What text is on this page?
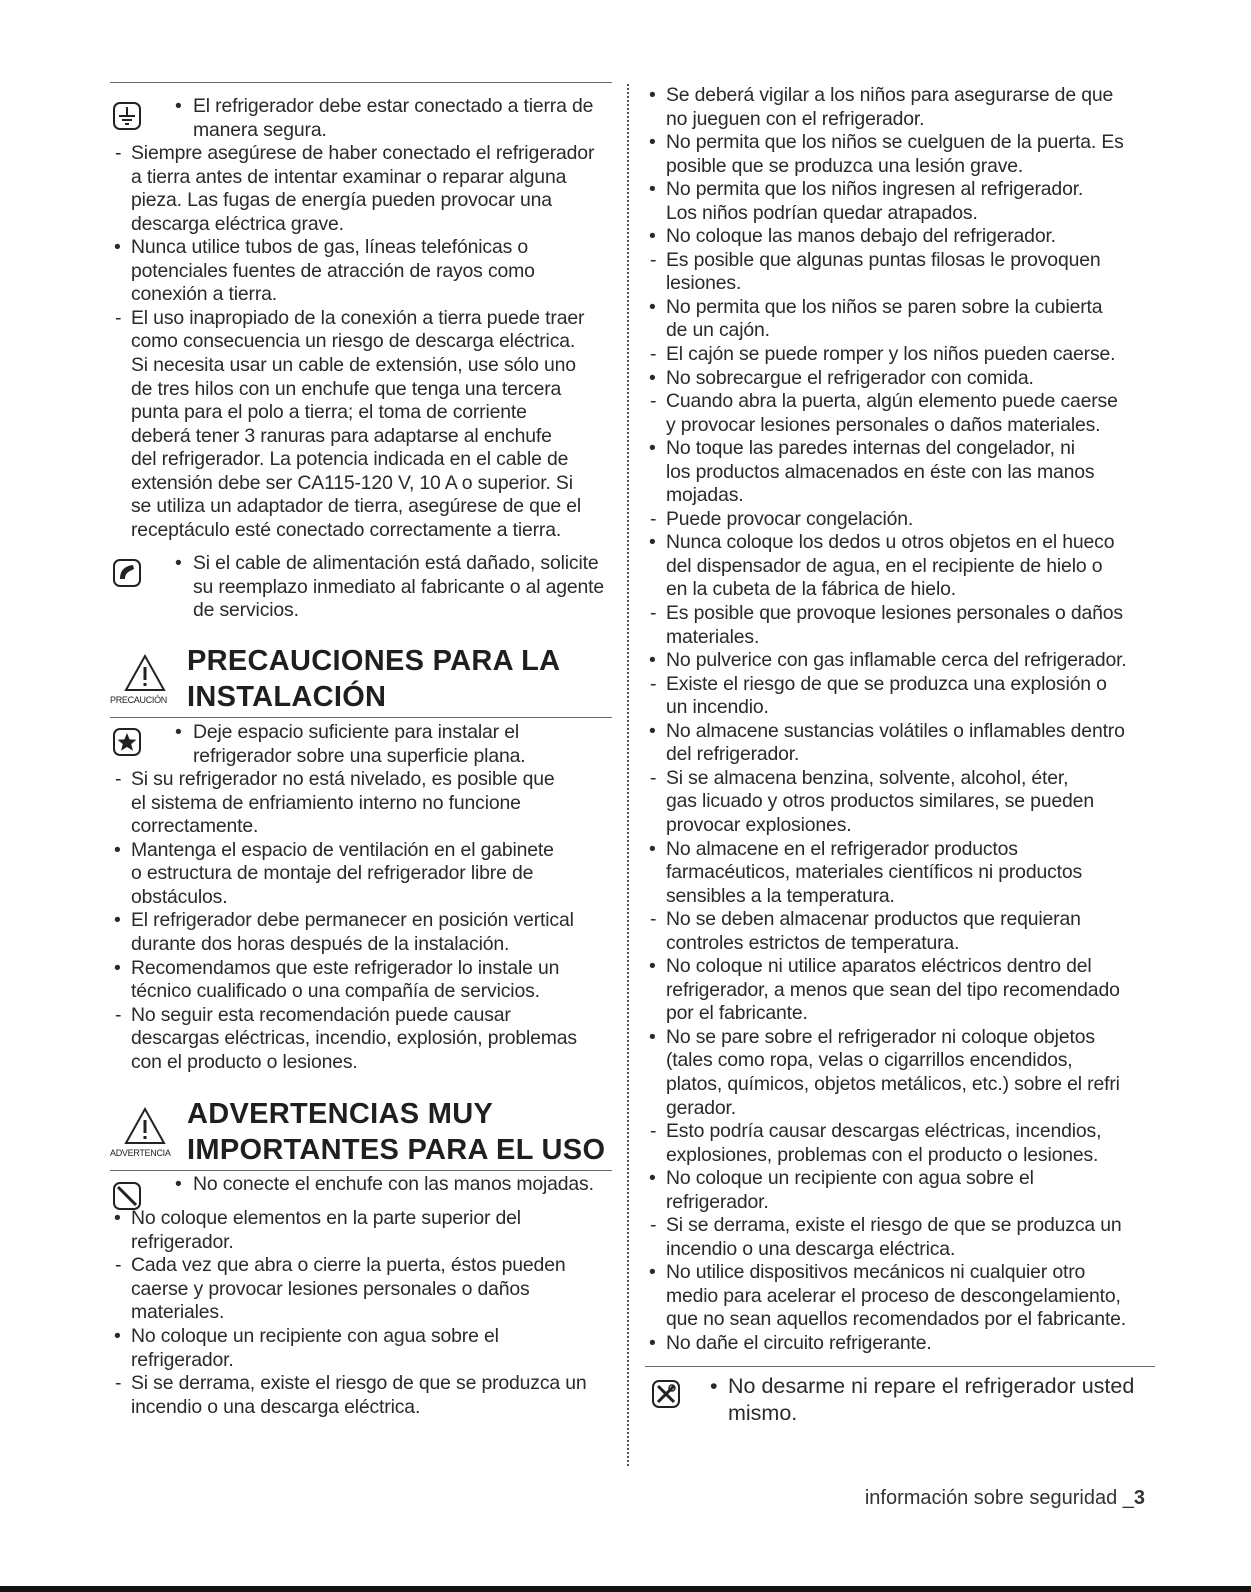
• El refrigerador debe estar conectado a tierra de
manera segura.
- Siempre asegúrese de haber conectado el refrigerador
a tierra antes de intentar examinar o reparar alguna
pieza. Las fugas de energía pueden provocar una
descarga eléctrica grave.
• Nunca utilice tubos de gas, líneas telefónicas o
potenciales fuentes de atracción de rayos como
conexión a tierra.
- El uso inapropiado de la conexión a tierra puede traer
como consecuencia un riesgo de descarga eléctrica.
Si necesita usar un cable de extensión, use sólo uno
de tres hilos con un enchufe que tenga una tercera
punta para el polo a tierra; el toma de corriente
deberá tener 3 ranuras para adaptarse al enchufe
del refrigerador. La potencia indicada en el cable de
extensión debe ser CA115-120 V, 10 A o superior. Si
se utiliza un adaptador de tierra, asegúrese de que el
receptáculo esté conectado correctamente a tierra.
• Si el cable de alimentación está dañado, solicite
su reemplazo inmediato al fabricante o al agente
de servicios.
PRECAUCIÓN
PRECAUCIONES PARA LA
INSTALACIÓN
• Deje espacio suficiente para instalar el
refrigerador sobre una superficie plana.
- Si su refrigerador no está nivelado, es posible que
el sistema de enfriamiento interno no funcione
correctamente.
• Mantenga el espacio de ventilación en el gabinete
o estructura de montaje del refrigerador libre de
obstáculos.
• El refrigerador debe permanecer en posición vertical
durante dos horas después de la instalación.
• Recomendamos que este refrigerador lo instale un
técnico cualificado o una compañía de servicios.
- No seguir esta recomendación puede causar
descargas eléctricas, incendio, explosión, problemas
con el producto o lesiones.
ADVERTENCIA
ADVERTENCIAS MUY
IMPORTANTES PARA EL USO
• No conecte el enchufe con las manos mojadas.
• No coloque elementos en la parte superior del
refrigerador.
- Cada vez que abra o cierre la puerta, éstos pueden
caerse y provocar lesiones personales o daños
materiales.
• No coloque un recipiente con agua sobre el
refrigerador.
- Si se derrama, existe el riesgo de que se produzca un
incendio o una descarga eléctrica.
• Se deberá vigilar a los niños para asegurarse de que
no jueguen con el refrigerador.
• No permita que los niños se cuelguen de la puerta. Es
posible que se produzca una lesión grave.
• No permita que los niños ingresen al refrigerador.
Los niños podrían quedar atrapados.
• No coloque las manos debajo del refrigerador.
- Es posible que algunas puntas filosas le provoquen
lesiones.
• No permita que los niños se paren sobre la cubierta
de un cajón.
- El cajón se puede romper y los niños pueden caerse.
• No sobrecargue el refrigerador con comida.
- Cuando abra la puerta, algún elemento puede caerse
y provocar lesiones personales o daños materiales.
• No toque las paredes internas del congelador, ni
los productos almacenados en éste con las manos
mojadas.
- Puede provocar congelación.
• Nunca coloque los dedos u otros objetos en el hueco
del dispensador de agua, en el recipiente de hielo o
en la cubeta de la fábrica de hielo.
- Es posible que provoque lesiones personales o daños
materiales.
• No pulverice con gas inflamable cerca del refrigerador.
- Existe el riesgo de que se produzca una explosión o
un incendio.
• No almacene sustancias volátiles o inflamables dentro
del refrigerador.
- Si se almacena benzina, solvente, alcohol, éter,
gas licuado y otros productos similares, se pueden
provocar explosiones.
• No almacene en el refrigerador productos
farmacéuticos, materiales científicos ni productos
sensibles a la temperatura.
- No se deben almacenar productos que requieran
controles estrictos de temperatura.
• No coloque ni utilice aparatos eléctricos dentro del
refrigerador, a menos que sean del tipo recomendado
por el fabricante.
• No se pare sobre el refrigerador ni coloque objetos
(tales como ropa, velas o cigarrillos encendidos,
platos, químicos, objetos metálicos, etc.) sobre el refri
gerador.
- Esto podría causar descargas eléctricas, incendios,
explosiones, problemas con el producto o lesiones.
• No coloque un recipiente con agua sobre el
refrigerador.
- Si se derrama, existe el riesgo de que se produzca un
incendio o una descarga eléctrica.
• No utilice dispositivos mecánicos ni cualquier otro
medio para acelerar el proceso de descongelamiento,
que no sean aquellos recomendados por el fabricante.
• No dañe el circuito refrigerante.
• No desarme ni repare el refrigerador usted
mismo.
información sobre seguridad _3
